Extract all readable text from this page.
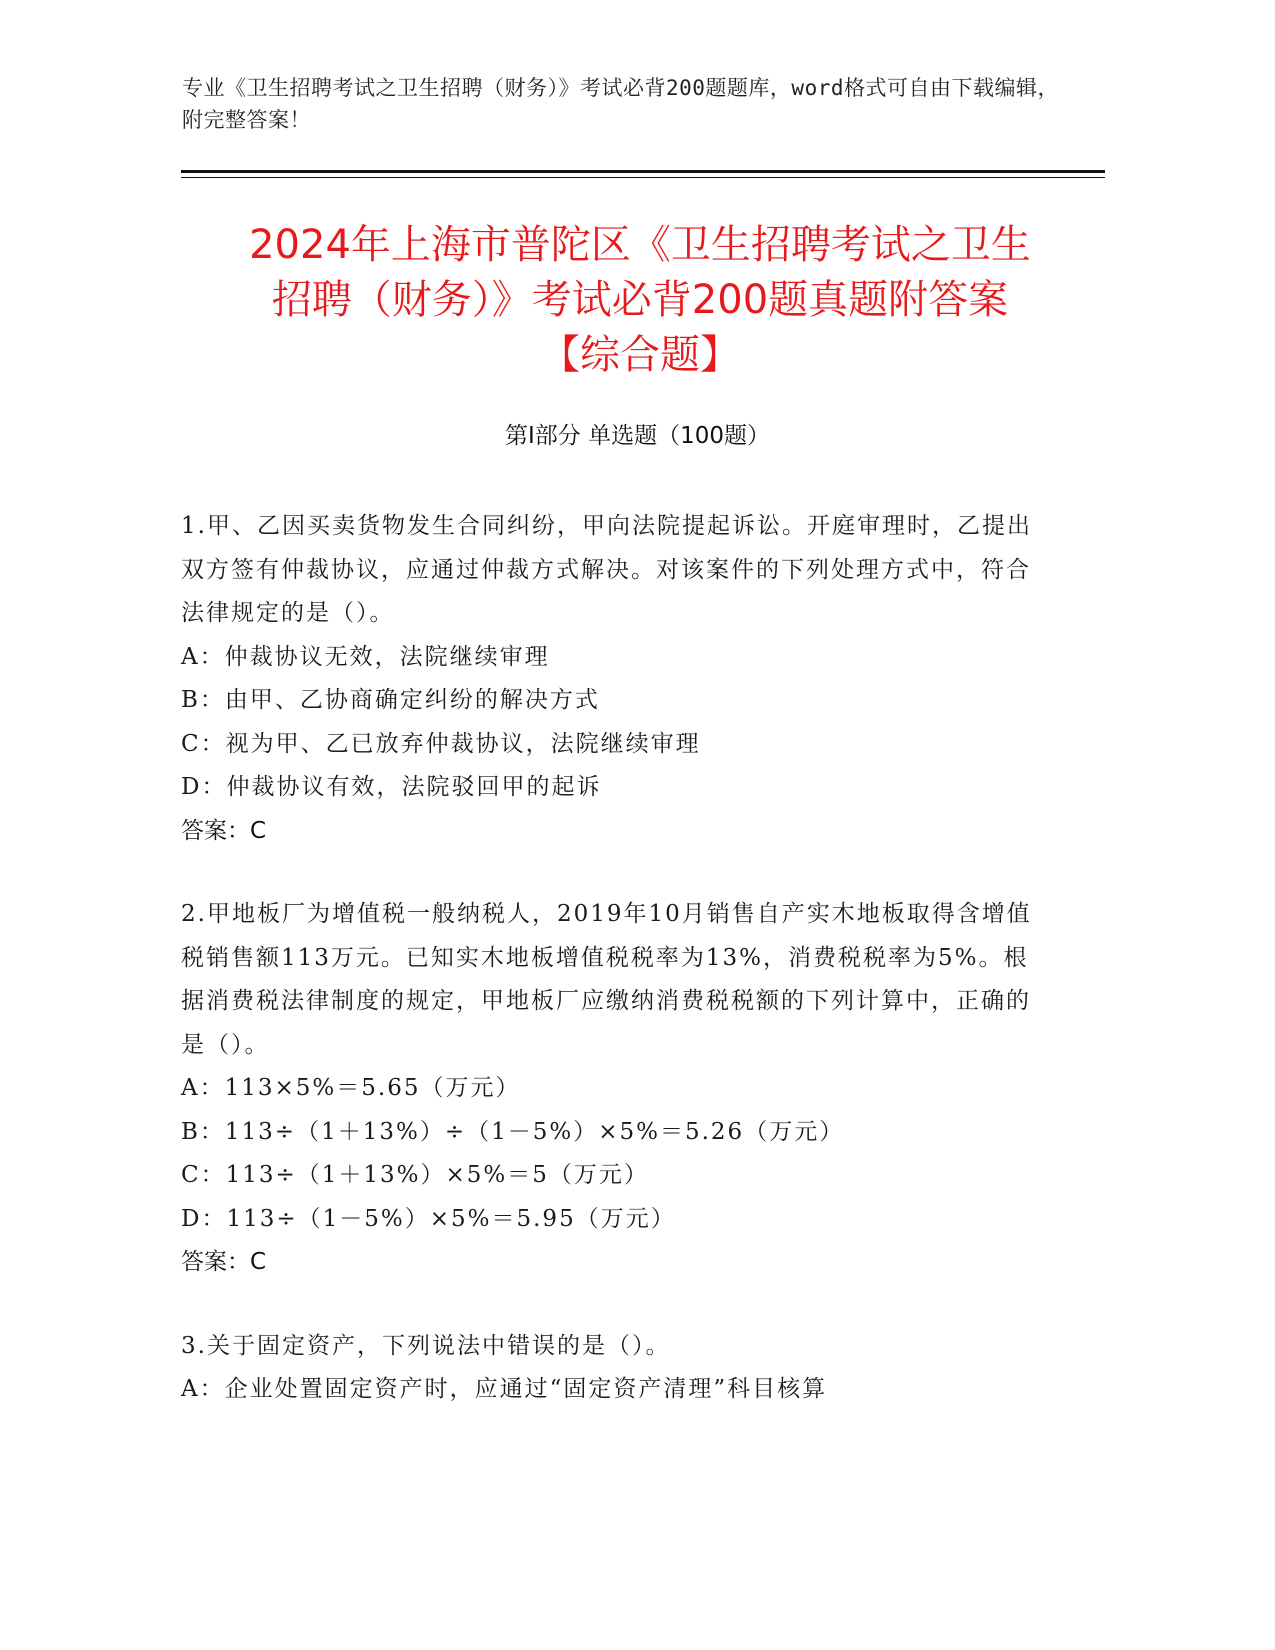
专业《卫生招聘考试之卫生招聘（财务）》考试必背200题题库，word格式可自由下载编辑，附完整答案！
2024年上海市普陀区《卫生招聘考试之卫生
招聘（财务）》考试必背200题真题附答案
【综合题】
第Ⅰ部分 单选题（100题）
1.甲、乙因买卖货物发生合同纠纷，甲向法院提起诉讼。开庭审理时，乙提出双方签有仲裁协议，应通过仲裁方式解决。对该案件的下列处理方式中，符合法律规定的是（）。
A：仲裁协议无效，法院继续审理
B：由甲、乙协商确定纠纷的解决方式
C：视为甲、乙已放弃仲裁协议，法院继续审理
D：仲裁协议有效，法院驳回甲的起诉
答案：C
2.甲地板厂为增值税一般纳税人，2019年10月销售自产实木地板取得含增值税销售额113万元。已知实木地板增值税税率为13%，消费税税率为5%。根据消费税法律制度的规定，甲地板厂应缴纳消费税税额的下列计算中，正确的是（）。
A：113×5%＝5.65（万元）
B：113÷（1＋13%）÷（1－5%）×5%＝5.26（万元）
C：113÷（1＋13%）×5%＝5（万元）
D：113÷（1－5%）×5%＝5.95（万元）
答案：C
3.关于固定资产，下列说法中错误的是（）。
A：企业处置固定资产时，应通过“固定资产清理”科目核算
